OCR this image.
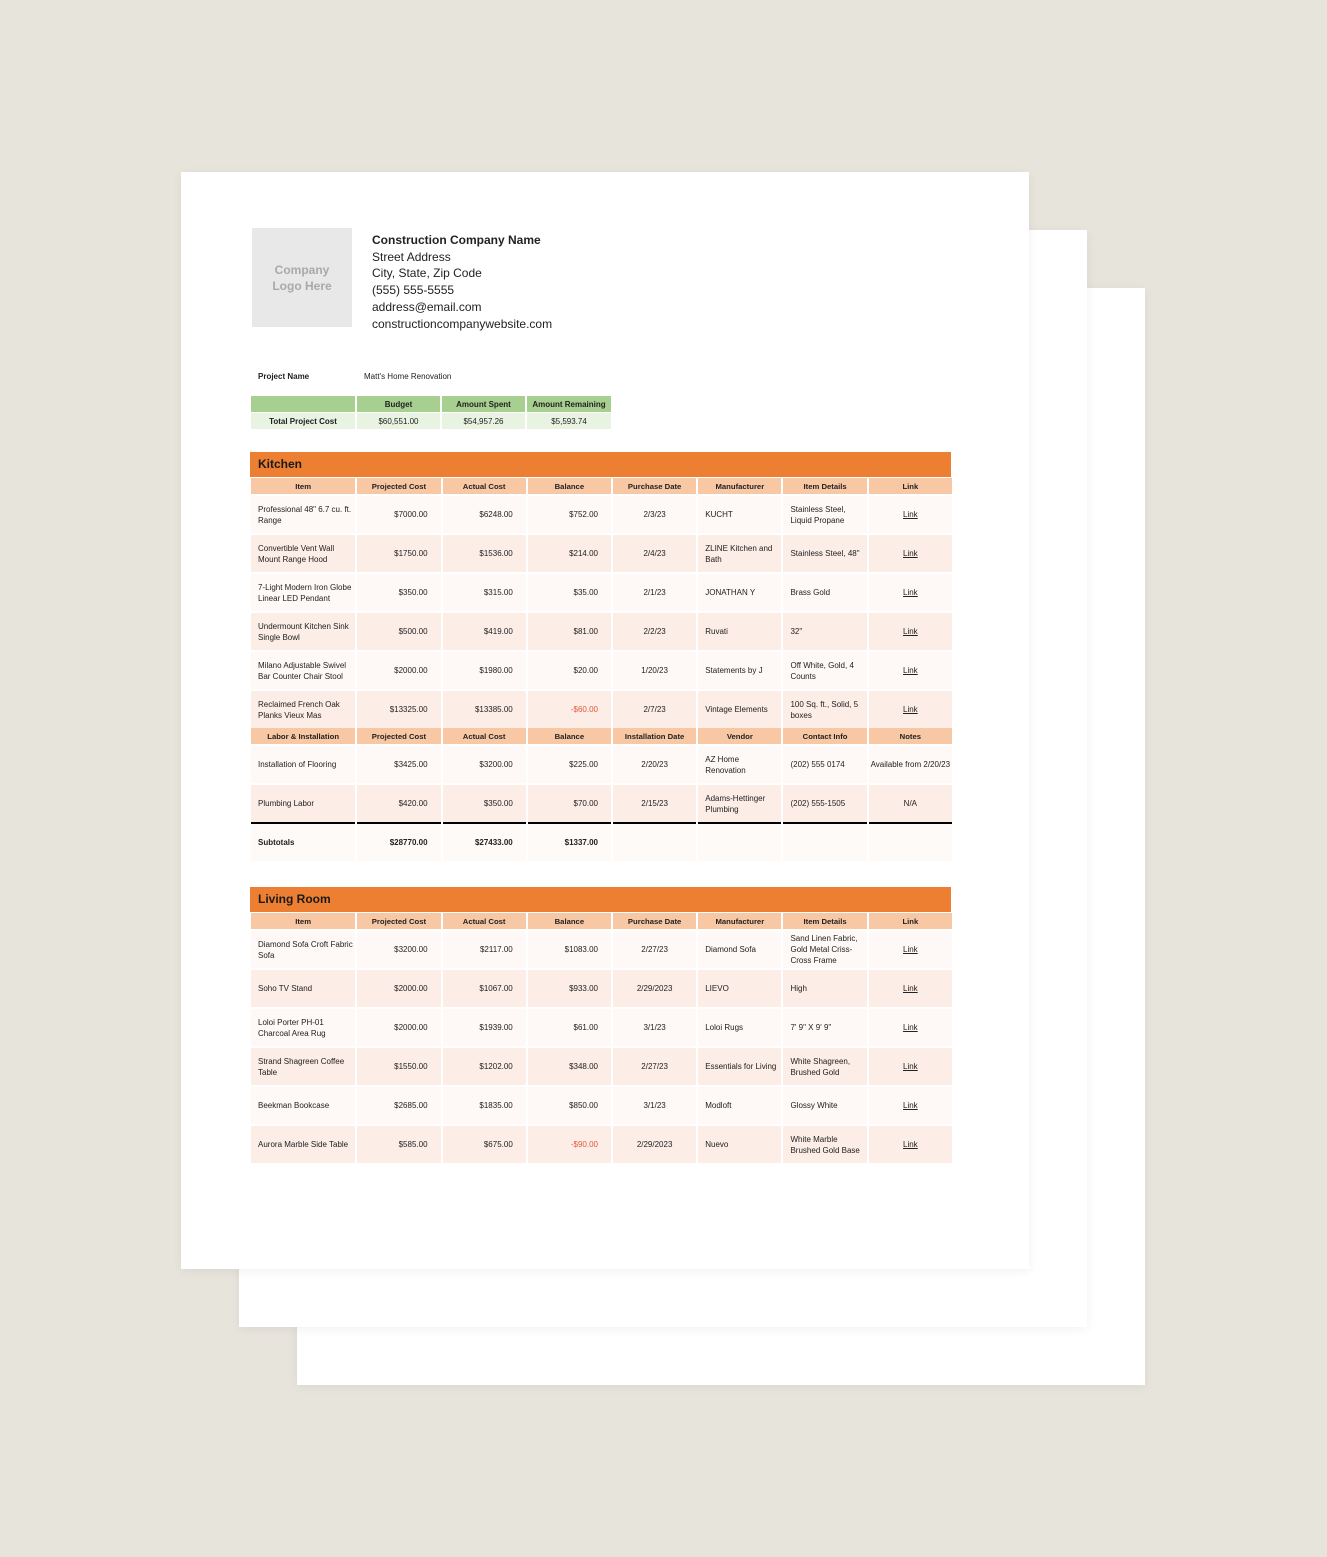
Company Logo Here
Construction Company Name
Street Address
City, State, Zip Code
(555) 555-5555
address@email.com
constructioncompanywebsite.com
Project Name	Matt's Home Renovation
	Budget	Amount Spent	Amount Remaining
Total Project Cost	$60,551.00	$54,957.26	$5,593.74
Kitchen
Item	Projected Cost	Actual Cost	Balance	Purchase Date	Manufacturer	Item Details	Link
Professional 48" 6.7 cu. ft. Range	$7000.00	$6248.00	$752.00	2/3/23	KUCHT	Stainless Steel, Liquid Propane	Link
Convertible Vent Wall Mount Range Hood	$1750.00	$1536.00	$214.00	2/4/23	ZLINE Kitchen and Bath	Stainless Steel, 48"	Link
7-Light Modern Iron Globe Linear LED Pendant	$350.00	$315.00	$35.00	2/1/23	JONATHAN Y	Brass Gold	Link
Undermount Kitchen Sink Single Bowl	$500.00	$419.00	$81.00	2/2/23	Ruvati	32"	Link
Milano Adjustable Swivel Bar Counter Chair Stool	$2000.00	$1980.00	$20.00	1/20/23	Statements by J	Off White, Gold, 4 Counts	Link
Reclaimed French Oak Planks Vieux Mas	$13325.00	$13385.00	-$60.00	2/7/23	Vintage Elements	100 Sq. ft., Solid, 5 boxes	Link
Labor & Installation	Projected Cost	Actual Cost	Balance	Installation Date	Vendor	Contact Info	Notes
Installation of Flooring	$3425.00	$3200.00	$225.00	2/20/23	AZ Home Renovation	(202) 555 0174	Available from 2/20/23
Plumbing Labor	$420.00	$350.00	$70.00	2/15/23	Adams-Hettinger Plumbing	(202) 555-1505	N/A
Subtotals	$28770.00	$27433.00	$1337.00				
Living Room
Item	Projected Cost	Actual Cost	Balance	Purchase Date	Manufacturer	Item Details	Link
Diamond Sofa Croft Fabric Sofa	$3200.00	$2117.00	$1083.00	2/27/23	Diamond Sofa	Sand Linen Fabric, Gold Metal Criss-Cross Frame	Link
Soho TV Stand	$2000.00	$1067.00	$933.00	2/29/2023	LIEVO	High	Link
Loloi Porter PH-01 Charcoal Area Rug	$2000.00	$1939.00	$61.00	3/1/23	Loloi Rugs	7' 9" X 9' 9"	Link
Strand Shagreen Coffee Table	$1550.00	$1202.00	$348.00	2/27/23	Essentials for Living	White Shagreen, Brushed Gold	Link
Beekman Bookcase	$2685.00	$1835.00	$850.00	3/1/23	Modloft	Glossy White	Link
Aurora Marble Side Table	$585.00	$675.00	-$90.00	2/29/2023	Nuevo	White Marble Brushed Gold Base	Link
